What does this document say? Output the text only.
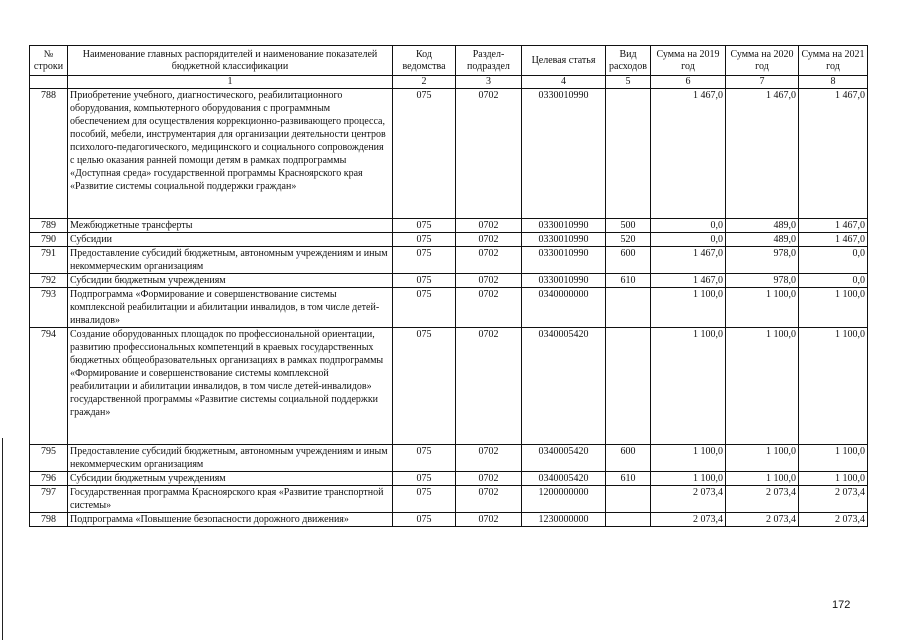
№ строки	Наименование главных распорядителей и наименование показателей бюджетной классификации	Код ведомства	Раздел-подраздел	Целевая статья	Вид расходов	Сумма на 2019 год	Сумма на 2020 год	Сумма на 2021 год
	1	2	3	4	5	6	7	8
788	Приобретение учебного, диагностического, реабилитационного оборудования, компьютерного оборудования с программным обеспечением для осуществления коррекционно-развивающего процесса, пособий, мебели, инструментария для организации деятельности центров психолого-педагогического, медицинского и социального сопровождения с целью оказания ранней помощи детям в рамках подпрограммы «Доступная среда» государственной программы Красноярского края «Развитие системы социальной поддержки граждан»	075	0702	0330010990		1 467,0	1 467,0	1 467,0
789	Межбюджетные трансферты	075	0702	0330010990	500	0,0	489,0	1 467,0
790	Субсидии	075	0702	0330010990	520	0,0	489,0	1 467,0
791	Предоставление субсидий бюджетным, автономным учреждениям и иным некоммерческим организациям	075	0702	0330010990	600	1 467,0	978,0	0,0
792	Субсидии бюджетным учреждениям	075	0702	0330010990	610	1 467,0	978,0	0,0
793	Подпрограмма «Формирование и совершенствование системы комплексной реабилитации и абилитации инвалидов, в том числе детей-инвалидов»	075	0702	0340000000		1 100,0	1 100,0	1 100,0
794	Создание оборудованных площадок по профессиональной ориентации, развитию профессиональных компетенций в краевых государственных бюджетных общеобразовательных организациях в рамках подпрограммы «Формирование и совершенствование системы комплексной реабилитации и абилитации инвалидов, в том числе детей-инвалидов» государственной программы «Развитие системы социальной поддержки граждан»	075	0702	0340005420		1 100,0	1 100,0	1 100,0
795	Предоставление субсидий бюджетным, автономным учреждениям и иным некоммерческим организациям	075	0702	0340005420	600	1 100,0	1 100,0	1 100,0
796	Субсидии бюджетным учреждениям	075	0702	0340005420	610	1 100,0	1 100,0	1 100,0
797	Государственная программа Красноярского края «Развитие транспортной системы»	075	0702	1200000000		2 073,4	2 073,4	2 073,4
798	Подпрограмма «Повышение безопасности дорожного движения»	075	0702	1230000000		2 073,4	2 073,4	2 073,4
172
